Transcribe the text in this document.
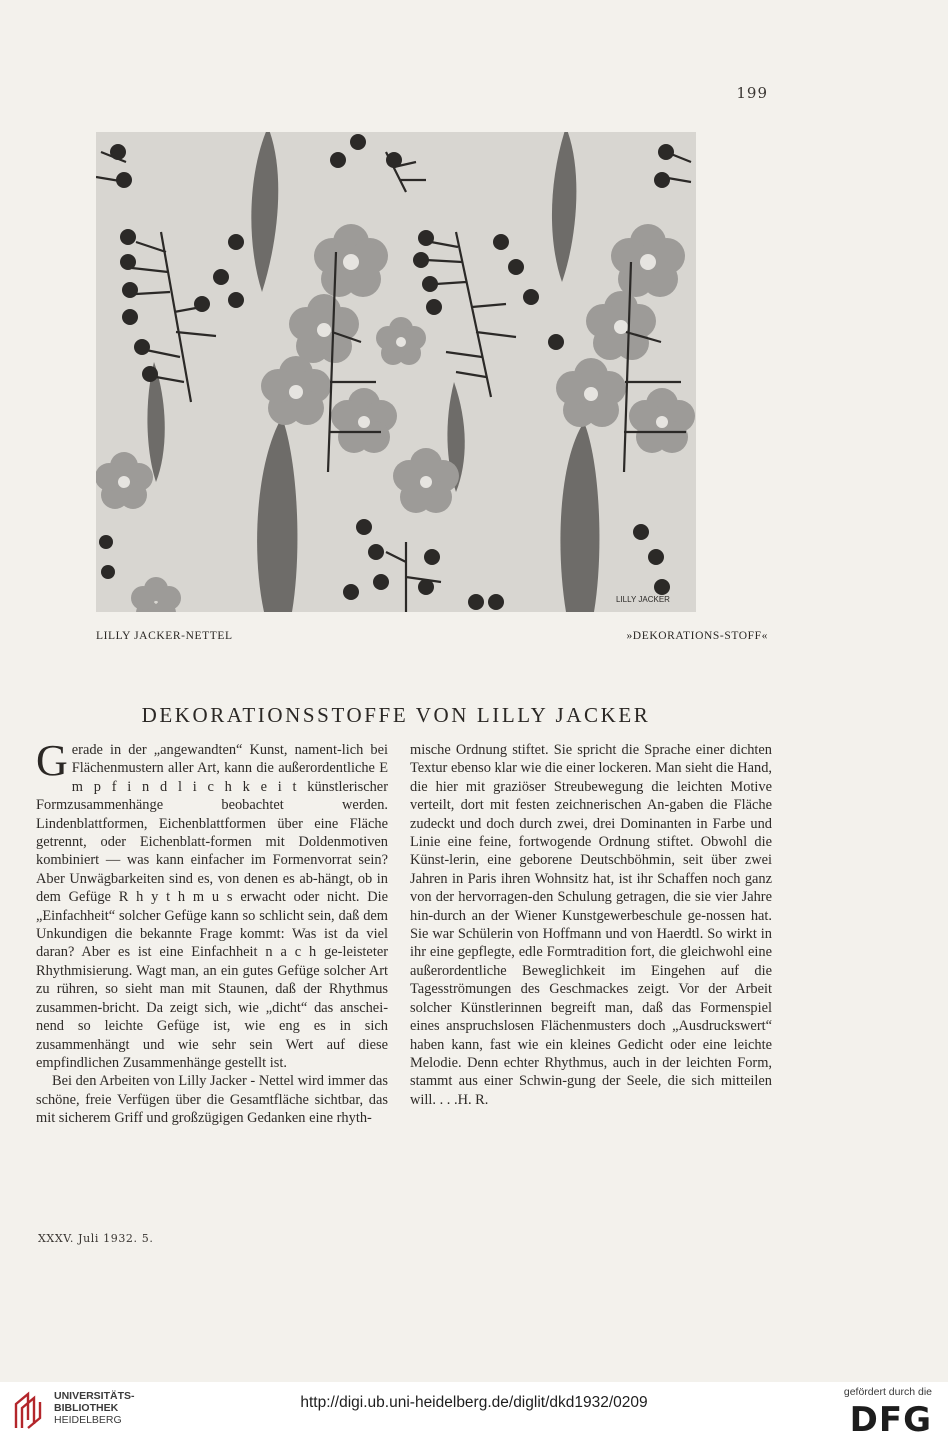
199
LILLY JACKER
LILLY JACKER-NETTEL	»DEKORATIONS-STOFF«
DEKORATIONSSTOFFE VON LILLY JACKER

Gerade in der „angewandten“ Kunst, nament-lich bei Flächenmustern aller Art, kann die außerordentliche E m p f i n d l i c h k e i t künstlerischer Formzusammenhänge beobachtet werden. Lindenblattformen, Eichenblattformen über eine Fläche getrennt, oder Eichenblatt-formen mit Doldenmotiven kombiniert — was kann einfacher im Formenvorrat sein? Aber Unwägbarkeiten sind es, von denen es ab-hängt, ob in dem Gefüge R h y t h m u s erwacht oder nicht. Die „Einfachheit“ solcher Gefüge kann so schlicht sein, daß dem Unkundigen die bekannte Frage kommt: Was ist da viel daran? Aber es ist eine Einfachheit n a c h ge-leisteter Rhythmisierung. Wagt man, an ein gutes Gefüge solcher Art zu rühren, so sieht man mit Staunen, daß der Rhythmus zusammen-bricht. Da zeigt sich, wie „dicht“ das anschei-nend so leichte Gefüge ist, wie eng es in sich zusammenhängt und wie sehr sein Wert auf diese empfindlichen Zusammenhänge gestellt ist.

Bei den Arbeiten von Lilly Jacker - Nettel wird immer das schöne, freie Verfügen über die Gesamtfläche sichtbar, das mit sicherem Griff und großzügigen Gedanken eine rhyth-

mische Ordnung stiftet. Sie spricht die Sprache einer dichten Textur ebenso klar wie die einer lockeren. Man sieht die Hand, die hier mit graziöser Streubewegung die leichten Motive verteilt, dort mit festen zeichnerischen An-gaben die Fläche zudeckt und doch durch zwei, drei Dominanten in Farbe und Linie eine feine, fortwogende Ordnung stiftet. Obwohl die Künst-lerin, eine geborene Deutschböhmin, seit über zwei Jahren in Paris ihren Wohnsitz hat, ist ihr Schaffen noch ganz von der hervorragen-den Schulung getragen, die sie vier Jahre hin-durch an der Wiener Kunstgewerbeschule ge-nossen hat. Sie war Schülerin von Hoffmann und von Haerdtl. So wirkt in ihr eine gepflegte, edle Formtradition fort, die gleichwohl eine außerordentliche Beweglichkeit im Eingehen auf die Tagesströmungen des Geschmackes zeigt. Vor der Arbeit solcher Künstlerinnen begreift man, daß das Formenspiel eines anspruchslosen Flächenmusters doch „Ausdruckswert“ haben kann, fast wie ein kleines Gedicht oder eine leichte Melodie. Denn echter Rhythmus, auch in der leichten Form, stammt aus einer Schwin-gung der Seele, die sich mitteilen will. . . .H. R.

XXXV. Juli 1932. 5.
UNIVERSITÄTS-
BIBLIOTHEK
HEIDELBERG
http://digi.ub.uni-heidelberg.de/diglit/dkd1932/0209
gefördert durch die
DFG
